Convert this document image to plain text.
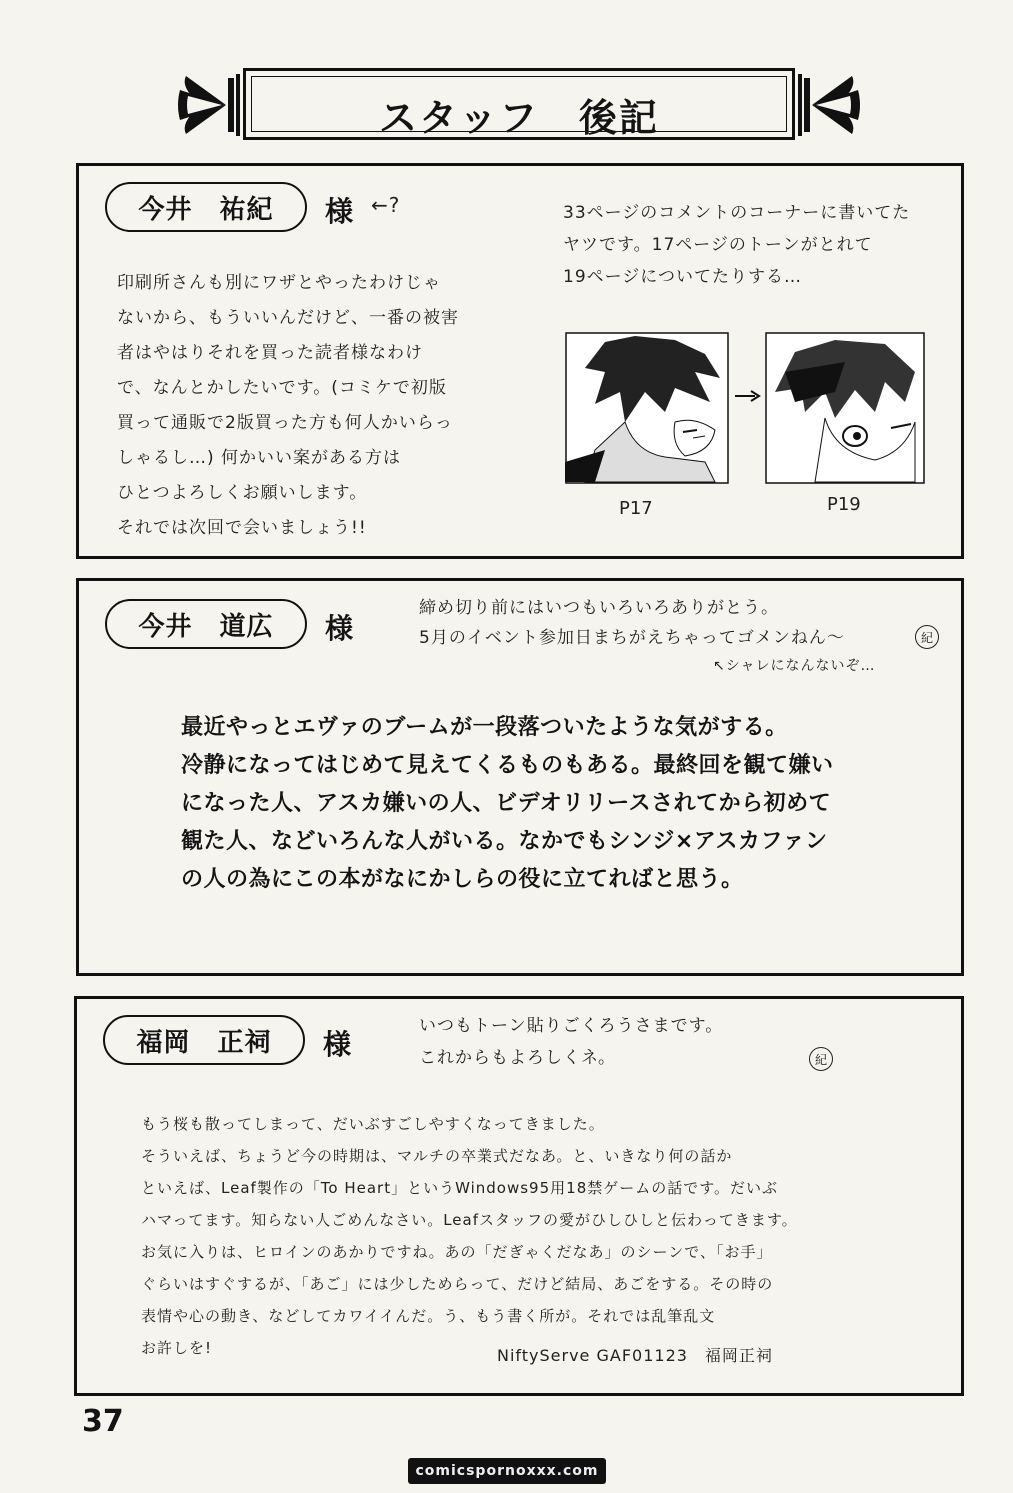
スタッフ　後記
今井　祐紀	様 ←?	33ページのコメントのコーナーに書いてた
ヤツです。17ページのトーンがとれて
19ページについてたりする…
印刷所さんも別にワザとやったわけじゃ
ないから、もういいんだけど、一番の被害
者はやはりそれを買った読者様なわけ
で、なんとかしたいです。(コミケで初版
買って通販で2版買った方も何人かいらっ
しゃるし…) 何かいい案がある方は
ひとつよろしくお願いします。
それでは次回で会いましょう!!
P17	P19
今井　道広	様
締め切り前にはいつもいろいろありがとう。
5月のイベント参加日まちがえちゃってゴメンねん〜
↖シャレになんないぞ…
紀
最近やっとエヴァのブームが一段落ついたような気がする。
冷静になってはじめて見えてくるものもある。最終回を観て嫌い
になった人、アスカ嫌いの人、ビデオリリースされてから初めて
観た人、などいろんな人がいる。なかでもシンジ×アスカファン
の人の為にこの本がなにかしらの役に立てればと思う。
福岡　正祠	様
いつもトーン貼りごくろうさまです。
これからもよろしくネ。	紀
もう桜も散ってしまって、だいぶすごしやすくなってきました。
そういえば、ちょうど今の時期は、マルチの卒業式だなあ。と、いきなり何の話か
といえば、Leaf製作の「To Heart」というWindows95用18禁ゲームの話です。だいぶ
ハマってます。知らない人ごめんなさい。Leafスタッフの愛がひしひしと伝わってきます。
お気に入りは、ヒロインのあかりですね。あの「だぎゃくだなあ」のシーンで、「お手」
ぐらいはすぐするが、「あご」には少しためらって、だけど結局、あごをする。その時の
表情や心の動き、などしてカワイイんだ。う、もう書く所が。それでは乱筆乱文
お許しを!	NiftyServe GAF01123　福岡正祠
37
comicspornoxxx.com
